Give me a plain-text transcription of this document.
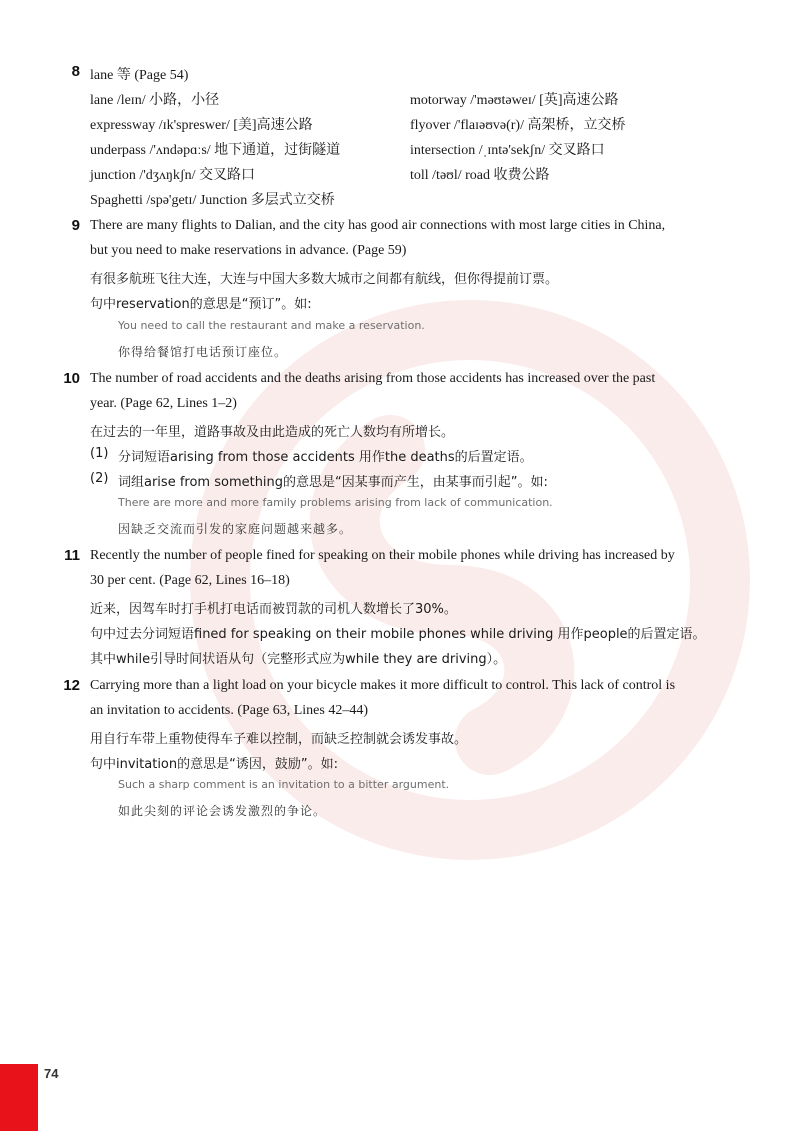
8 lane 等 (Page 54)
lane /leɪn/ 小路，小径
expressway /ɪk'spreswer/ [美]高速公路
underpass /'ʌndəpɑːs/ 地下通道，过街隧道
junction /'dʒʌŋkʃn/ 交叉路口
Spaghetti /spə'getɪ/ Junction 多层式立交桥
motorway /'məʊtəweɪ/ [英]高速公路
flyover /'flaɪəʊvə(r)/ 高架桥，立交桥
intersection /ˌɪntə'sekʃn/ 交叉路口
toll /təʊl/ road 收费公路
9 There are many flights to Dalian, and the city has good air connections with most large cities in China,
but you need to make reservations in advance. (Page 59)
有很多航班飞往大连，大连与中国大多数大城市之间都有航线，但你得提前订票。
句中reservation的意思是“预订”。如:
You need to call the restaurant and make a reservation.
你得给餐馆打电话预订座位。
10 The number of road accidents and the deaths arising from those accidents has increased over the past
year. (Page 62, Lines 1–2)
在过去的一年里，道路事故及由此造成的死亡人数均有所增长。
(1) 分词短语arising from those accidents 用作the deaths的后置定语。
(2) 词组arise from something的意思是“因某事而产生，由某事而引起”。如:
There are more and more family problems arising from lack of communication.
因缺乏交流而引发的家庭问题越来越多。
11 Recently the number of people fined for speaking on their mobile phones while driving has increased by
30 per cent. (Page 62, Lines 16–18)
近来，因驾车时打手机打电话而被罚款的司机人数增长了30%。
句中过去分词短语fined for speaking on their mobile phones while driving 用作people的后置定语。
其中while引导时间状语从句（完整形式应为while they are driving）。
12 Carrying more than a light load on your bicycle makes it more difficult to control. This lack of control is
an invitation to accidents. (Page 63, Lines 42–44)
用自行车带上重物使得车子难以控制，而缺乏控制就会诱发事故。
句中invitation的意思是“诱因，鼓励”。如:
Such a sharp comment is an invitation to a bitter argument.
如此尖刻的评论会诱发激烈的争论。
74
